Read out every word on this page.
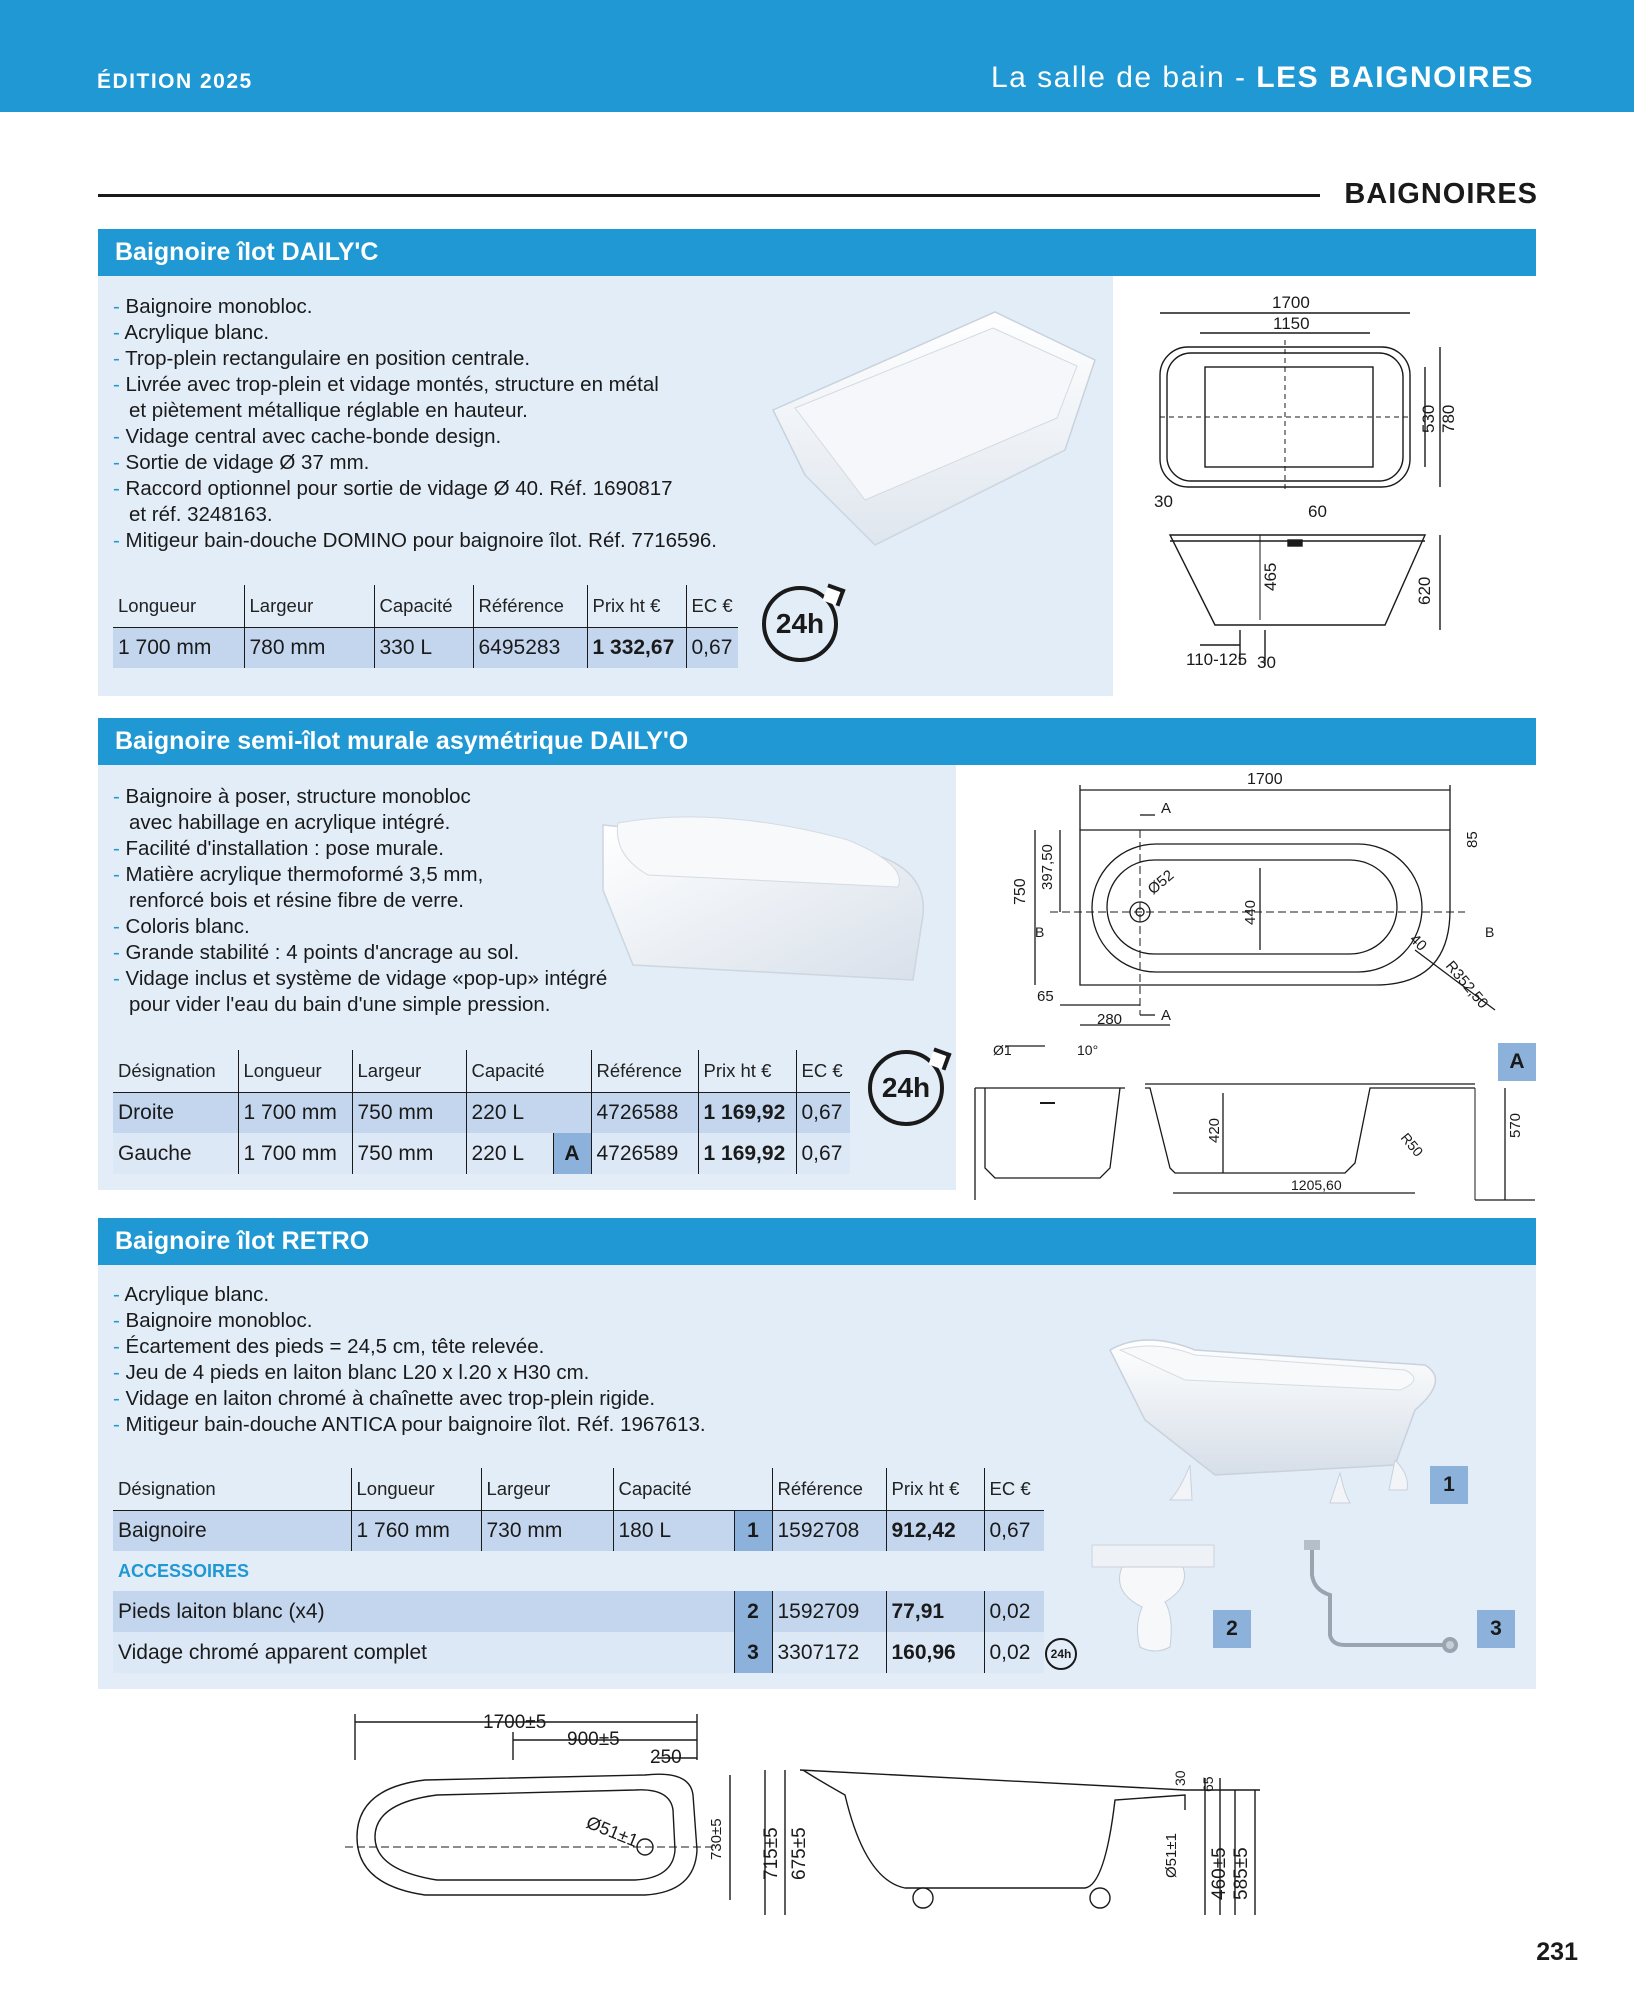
ÉDITION 2025	La salle de bain - LES BAIGNOIRES
BAIGNOIRES
Baignoire îlot DAILY'C
- Baignoire monobloc.
- Acrylique blanc.
- Trop-plein rectangulaire en position centrale.
- Livrée avec trop-plein et vidage montés, structure en métal
et piètement métallique réglable en hauteur.
- Vidage central avec cache-bonde design.
- Sortie de vidage Ø 37 mm.
- Raccord optionnel pour sortie de vidage Ø 40. Réf. 1690817
et réf. 3248163.
- Mitigeur bain-douche DOMINO pour baignoire îlot. Réf. 7716596.
Longueur	Largeur	Capacité	Référence	Prix ht €	EC €
1 700 mm	780 mm	330 L	6495283	1 332,67	0,67
24h
1700
1150
530 780
30
60
465	620
110-125 30
Baignoire semi-îlot murale asymétrique DAILY'O
- Baignoire à poser, structure monobloc
avec habillage en acrylique intégré.
- Facilité d'installation : pose murale.
- Matière acrylique thermoformé 3,5 mm,
renforcé bois et résine fibre de verre.
- Coloris blanc.
- Grande stabilité : 4 points d'ancrage au sol.
- Vidage inclus et système de vidage «pop-up» intégré
pour vider l'eau du bain d'une simple pression.
Désignation	Longueur	Largeur	Capacité		Référence	Prix ht €	EC €
Droite	1 700 mm	750 mm	220 L		4726588	1 169,92	0,67
Gauche	1 700 mm	750 mm	220 L	A	4726589	1 169,92	0,67
24h
1700
A
85
750
397,50	Ø52
440
B	B
40
R352,50
65
280	A
Ø1	10°
420	R50
570
1205,60
A
Baignoire îlot RETRO
- Acrylique blanc.
- Baignoire monobloc.
- Écartement des pieds = 24,5 cm, tête relevée.
- Jeu de 4 pieds en laiton blanc L20 x l.20 x H30 cm.
- Vidage en laiton chromé à chaînette avec trop-plein rigide.
- Mitigeur bain-douche ANTICA pour baignoire îlot. Réf. 1967613.
Désignation	Longueur	Largeur	Capacité		Référence	Prix ht €	EC €
Baignoire	1 760 mm	730 mm	180 L	1	1592708	912,42	0,67
ACCESSOIRES							
Pieds laiton blanc (x4)				2	1592709	77,91	0,02
Vidage chromé apparent complet				3	3307172	160,96	0,02	24h
1
2	3
1700±5
900±5
250
Ø51±1	730±5 715±5 675±5
30 65
Ø51±1 460±5 585±5
231
